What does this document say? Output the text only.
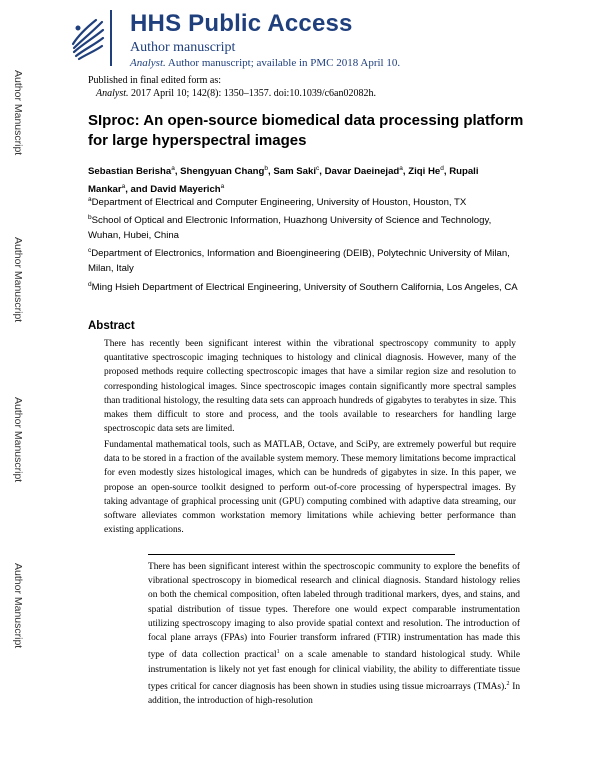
Author Manuscript
Author Manuscript
Author Manuscript
Author Manuscript
HHS Public Access
Author manuscript
Analyst. Author manuscript; available in PMC 2018 April 10.
Published in final edited form as:
Analyst. 2017 April 10; 142(8): 1350–1357. doi:10.1039/c6an02082h.
SIproc: An open-source biomedical data processing platform for large hyperspectral images
Sebastian Berisha$^a$, Shengyuan Chang$^b$, Sam Saki$^c$, Davar Daeinejad$^a$, Ziqi He$^d$, Rupali Mankar$^a$, and David Mayerich$^a$
$^a$Department of Electrical and Computer Engineering, University of Houston, Houston, TX
$^b$School of Optical and Electronic Information, Huazhong University of Science and Technology, Wuhan, Hubei, China
$^c$Department of Electronics, Information and Bioengineering (DEIB), Polytechnic University of Milan, Milan, Italy
$^d$Ming Hsieh Department of Electrical Engineering, University of Southern California, Los Angeles, CA
Abstract
There has recently been significant interest within the vibrational spectroscopy community to apply quantitative spectroscopic imaging techniques to histology and clinical diagnosis. However, many of the proposed methods require collecting spectroscopic images that have a similar region size and resolution to corresponding histological images. Since spectroscopic images contain significantly more spectral samples than traditional histology, the resulting data sets can approach hundreds of gigabytes to terabytes in size. This makes them difficult to store and process, and the tools available to researchers for handling large spectroscopic data sets are limited.
Fundamental mathematical tools, such as MATLAB, Octave, and SciPy, are extremely powerful but require data to be stored in a fraction of the available system memory. These memory limitations become impractical for even modestly sizes histological images, which can be hundreds of gigabytes in size. In this paper, we propose an open-source toolkit designed to perform out-of-core processing of hyperspectral images. By taking advantage of graphical processing unit (GPU) computing combined with adaptive data streaming, our software alleviates common workstation memory limitations while achieving better performance than existing applications.
There has been significant interest within the spectroscopic community to explore the benefits of vibrational spectroscopy in biomedical research and clinical diagnosis. Standard histology relies on both the chemical composition, often labeled through traditional markers, dyes, and stains, and spatial distribution of tissue types. Therefore one would expect comparable instrumentation utilizing spectroscopy imaging to also provide spatial context and resolution. The introduction of focal plane arrays (FPAs) into Fourier transform infrared (FTIR) instrumentation has made this type of data collection practical$^1$ on a scale amenable to standard histological study. While instrumentation is likely not yet fast enough for clinical viability, the ability to differentiate tissue types critical for cancer diagnosis has been shown in studies using tissue microarrays (TMAs).$^2$ In addition, the introduction of high-resolution
